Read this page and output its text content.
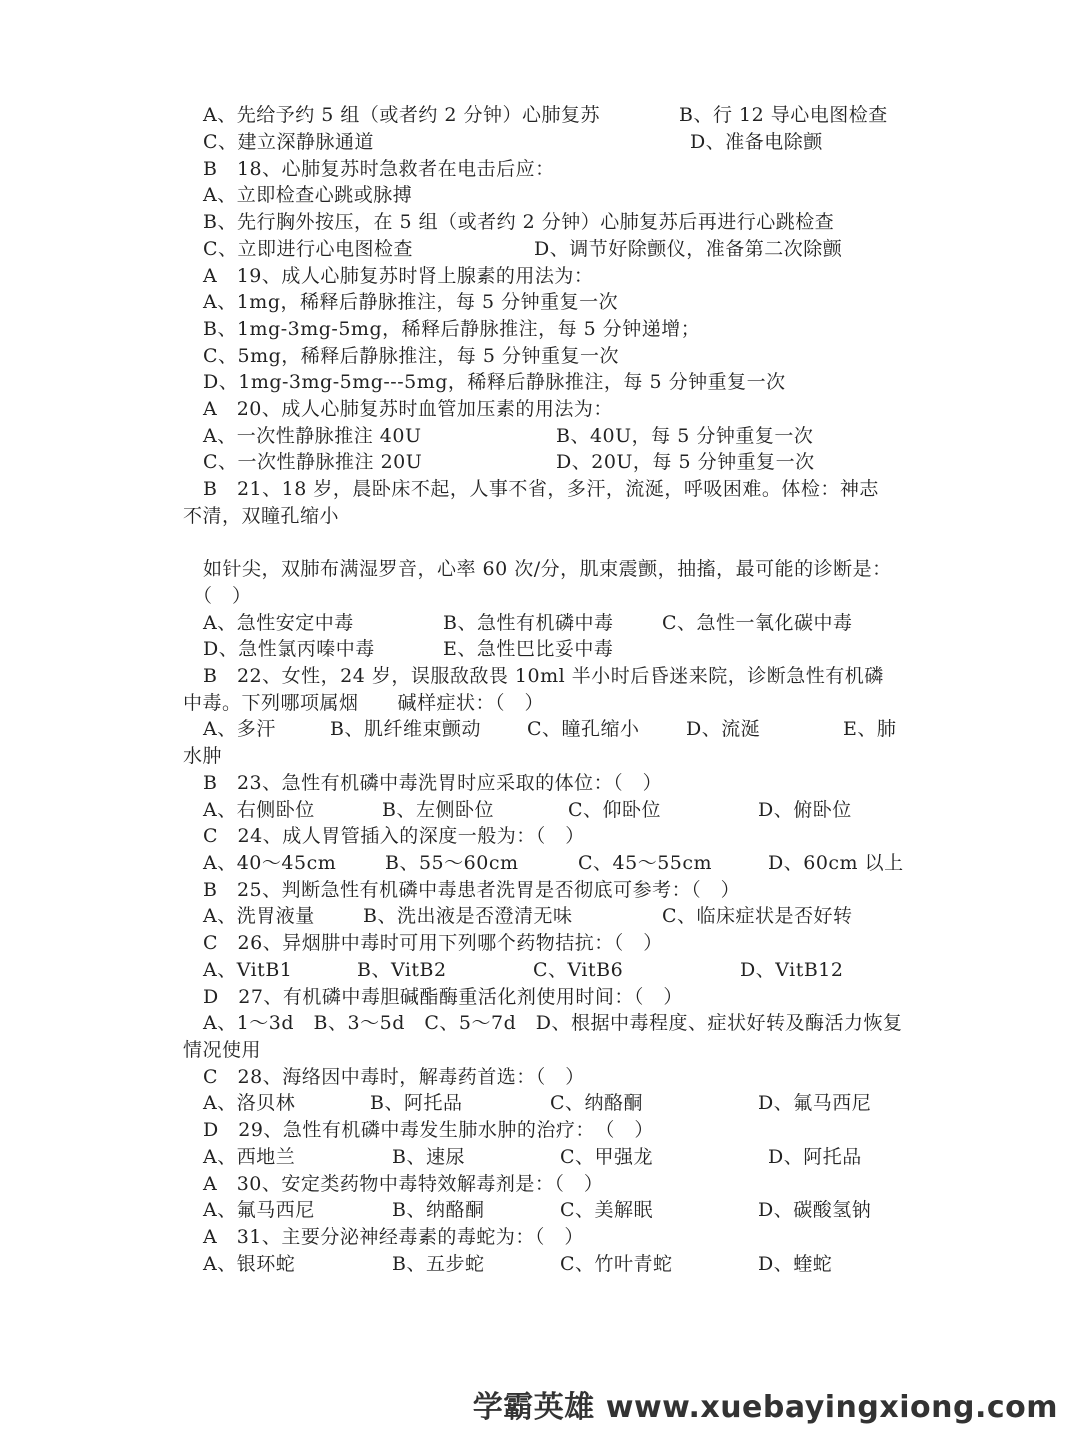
A、先给予约 5 组（或者约 2 分钟）心肺复苏	B、行 12 导心电图检查
C、建立深静脉通道	D、准备电除颤
B　18、心肺复苏时急救者在电击后应：
A、立即检查心跳或脉搏
B、先行胸外按压，在 5 组（或者约 2 分钟）心肺复苏后再进行心跳检查
C、立即进行心电图检查	D、调节好除颤仪，准备第二次除颤
A　19、成人心肺复苏时肾上腺素的用法为：
A、1mg，稀释后静脉推注，每 5 分钟重复一次
B、1mg-3mg-5mg，稀释后静脉推注，每 5 分钟递增；
C、5mg，稀释后静脉推注，每 5 分钟重复一次
D、1mg-3mg-5mg---5mg，稀释后静脉推注，每 5 分钟重复一次
A　20、成人心肺复苏时血管加压素的用法为：
A、一次性静脉推注 40U	B、40U，每 5 分钟重复一次
C、一次性静脉推注 20U	D、20U，每 5 分钟重复一次
B　21、18 岁，晨卧床不起，人事不省，多汗，流涎，呼吸困难。体检：神志
不清，双瞳孔缩小
如针尖，双肺布满湿罗音，心率 60 次/分，肌束震颤，抽搐，最可能的诊断是：
（　）
A、急性安定中毒	B、急性有机磷中毒	C、急性一氧化碳中毒
D、急性氯丙嗪中毒	E、急性巴比妥中毒
B　22、女性，24 岁，误服敌敌畏 10ml 半小时后昏迷来院，诊断急性有机磷
中毒。下列哪项属烟　　碱样症状：（　）
A、多汗	B、肌纤维束颤动 C、瞳孔缩小 D、流涎	E、肺
水肿
B　23、急性有机磷中毒洗胃时应采取的体位：（　）
A、右侧卧位	B、左侧卧位	C、仰卧位	D、俯卧位
C　24、成人胃管插入的深度一般为：（　）
A、40～45cm	B、55～60cm	C、45～55cm	D、60cm 以上
B　25、判断急性有机磷中毒患者洗胃是否彻底可参考：（　）
A、洗胃液量	B、洗出液是否澄清无味	C、临床症状是否好转
C　26、异烟肼中毒时可用下列哪个药物拮抗：（　）
A、VitB1	B、VitB2	C、VitB6	D、VitB12
D　27、有机磷中毒胆碱酯酶重活化剂使用时间：（　）
A、1～3d　B、3～5d　C、5～7d　D、根据中毒程度、症状好转及酶活力恢复
情况使用
C　28、海络因中毒时，解毒药首选：（　）
A、洛贝林	B、阿托品	C、纳酪酮	D、氟马西尼
D　29、急性有机磷中毒发生肺水肿的治疗：　（　）
A、西地兰	B、速尿	C、甲强龙	D、阿托品
A　30、安定类药物中毒特效解毒剂是：（　）
A、氟马西尼	B、纳酪酮	C、美解眠	D、碳酸氢钠
A　31、主要分泌神经毒素的毒蛇为：（　）
A、银环蛇	B、五步蛇	C、竹叶青蛇	D、蝰蛇
学霸英雄 www.xuebayingxiong.com
